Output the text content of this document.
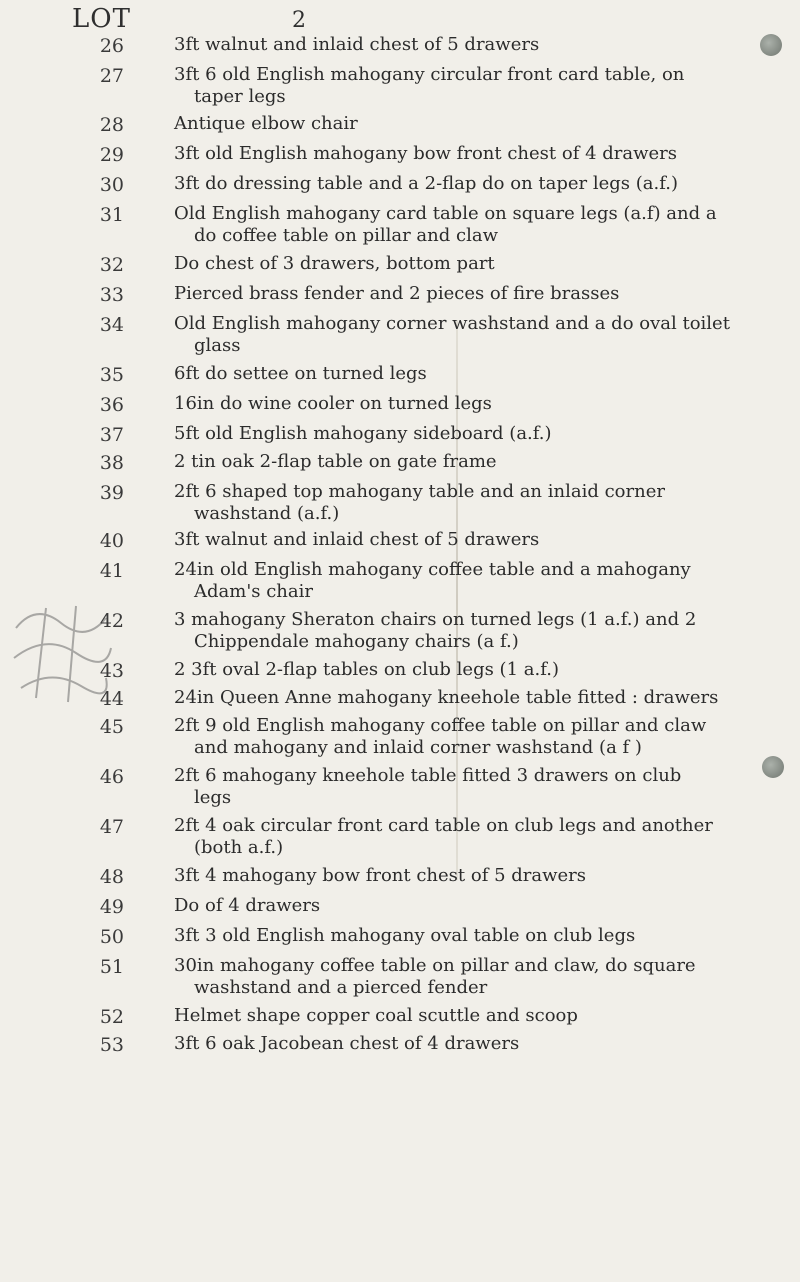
LOT	2
26	3ft walnut and inlaid chest of 5 drawers
27	3ft 6 old English mahogany circular front card table, on
taper legs
28	Antique elbow chair
29	3ft old English mahogany bow front chest of 4 drawers
30	3ft do dressing table and a 2-flap do on taper legs (a.f.)
31	Old English mahogany card table on square legs (a.f) and a
do coffee table on pillar and claw
32	Do chest of 3 drawers, bottom part
33	Pierced brass fender and 2 pieces of fire brasses
34	Old English mahogany corner washstand and a do oval toilet
glass
35	6ft do settee on turned legs
36	16in do wine cooler on turned legs
37	5ft old English mahogany sideboard (a.f.)
38	2 tin oak 2-flap table on gate frame
39	2ft 6 shaped top mahogany table and an inlaid corner
washstand (a.f.)
40	3ft walnut and inlaid chest of 5 drawers
41	24in old English mahogany coffee table and a mahogany
Adam's chair
42	3 mahogany Sheraton chairs on turned legs (1 a.f.) and 2
Chippendale mahogany chairs (a f.)
43	2 3ft oval 2-flap tables on club legs (1 a.f.)
44	24in Queen Anne mahogany kneehole table fitted : drawers
45	2ft 9 old English mahogany coffee table on pillar and claw
and mahogany and inlaid corner washstand (a f )
46	2ft 6 mahogany kneehole table fitted 3 drawers on club
legs
47	2ft 4 oak circular front card table on club legs and another
(both a.f.)
48	3ft 4 mahogany bow front chest of 5 drawers
49	Do of 4 drawers
50	3ft 3 old English mahogany oval table on club legs
51	30in mahogany coffee table on pillar and claw, do square
washstand and a pierced fender
52	Helmet shape copper coal scuttle and scoop
53	3ft 6 oak Jacobean chest of 4 drawers
